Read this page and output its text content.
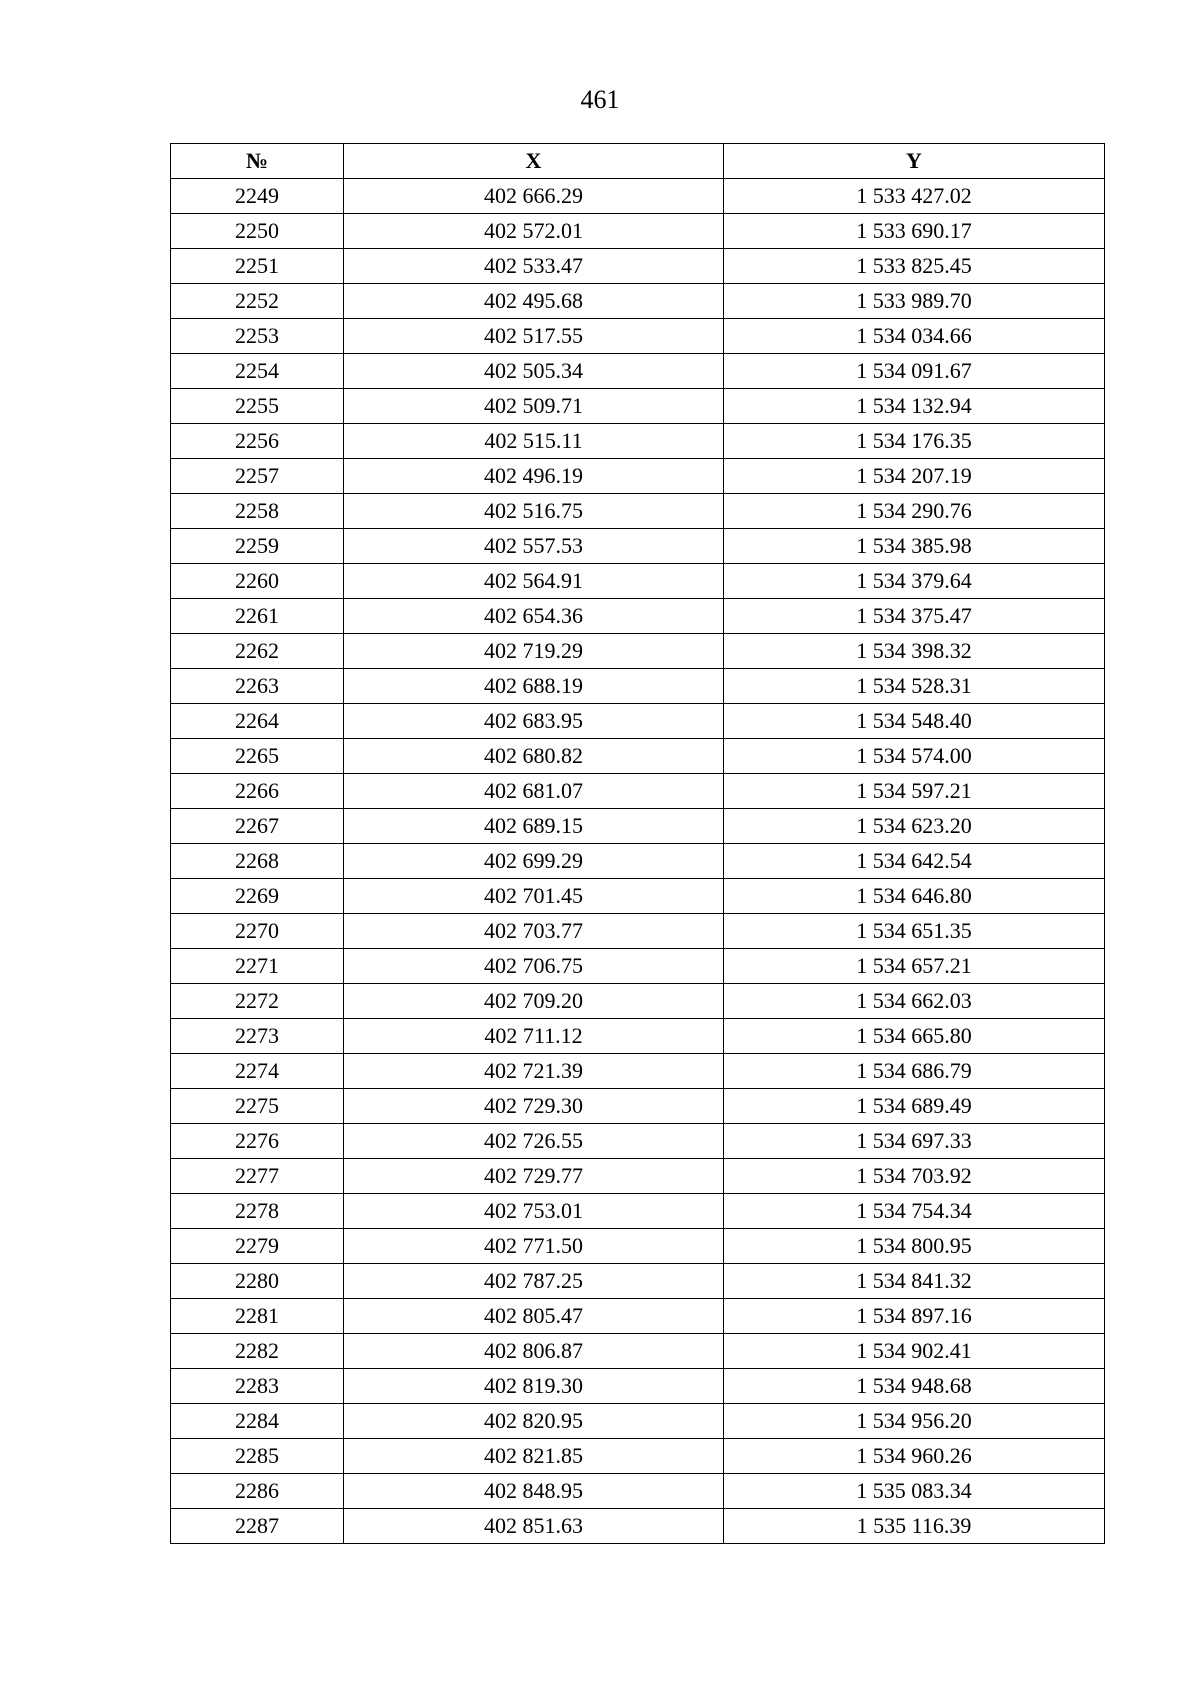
461
№	X	Y
2249	402 666.29	1 533 427.02
2250	402 572.01	1 533 690.17
2251	402 533.47	1 533 825.45
2252	402 495.68	1 533 989.70
2253	402 517.55	1 534 034.66
2254	402 505.34	1 534 091.67
2255	402 509.71	1 534 132.94
2256	402 515.11	1 534 176.35
2257	402 496.19	1 534 207.19
2258	402 516.75	1 534 290.76
2259	402 557.53	1 534 385.98
2260	402 564.91	1 534 379.64
2261	402 654.36	1 534 375.47
2262	402 719.29	1 534 398.32
2263	402 688.19	1 534 528.31
2264	402 683.95	1 534 548.40
2265	402 680.82	1 534 574.00
2266	402 681.07	1 534 597.21
2267	402 689.15	1 534 623.20
2268	402 699.29	1 534 642.54
2269	402 701.45	1 534 646.80
2270	402 703.77	1 534 651.35
2271	402 706.75	1 534 657.21
2272	402 709.20	1 534 662.03
2273	402 711.12	1 534 665.80
2274	402 721.39	1 534 686.79
2275	402 729.30	1 534 689.49
2276	402 726.55	1 534 697.33
2277	402 729.77	1 534 703.92
2278	402 753.01	1 534 754.34
2279	402 771.50	1 534 800.95
2280	402 787.25	1 534 841.32
2281	402 805.47	1 534 897.16
2282	402 806.87	1 534 902.41
2283	402 819.30	1 534 948.68
2284	402 820.95	1 534 956.20
2285	402 821.85	1 534 960.26
2286	402 848.95	1 535 083.34
2287	402 851.63	1 535 116.39
